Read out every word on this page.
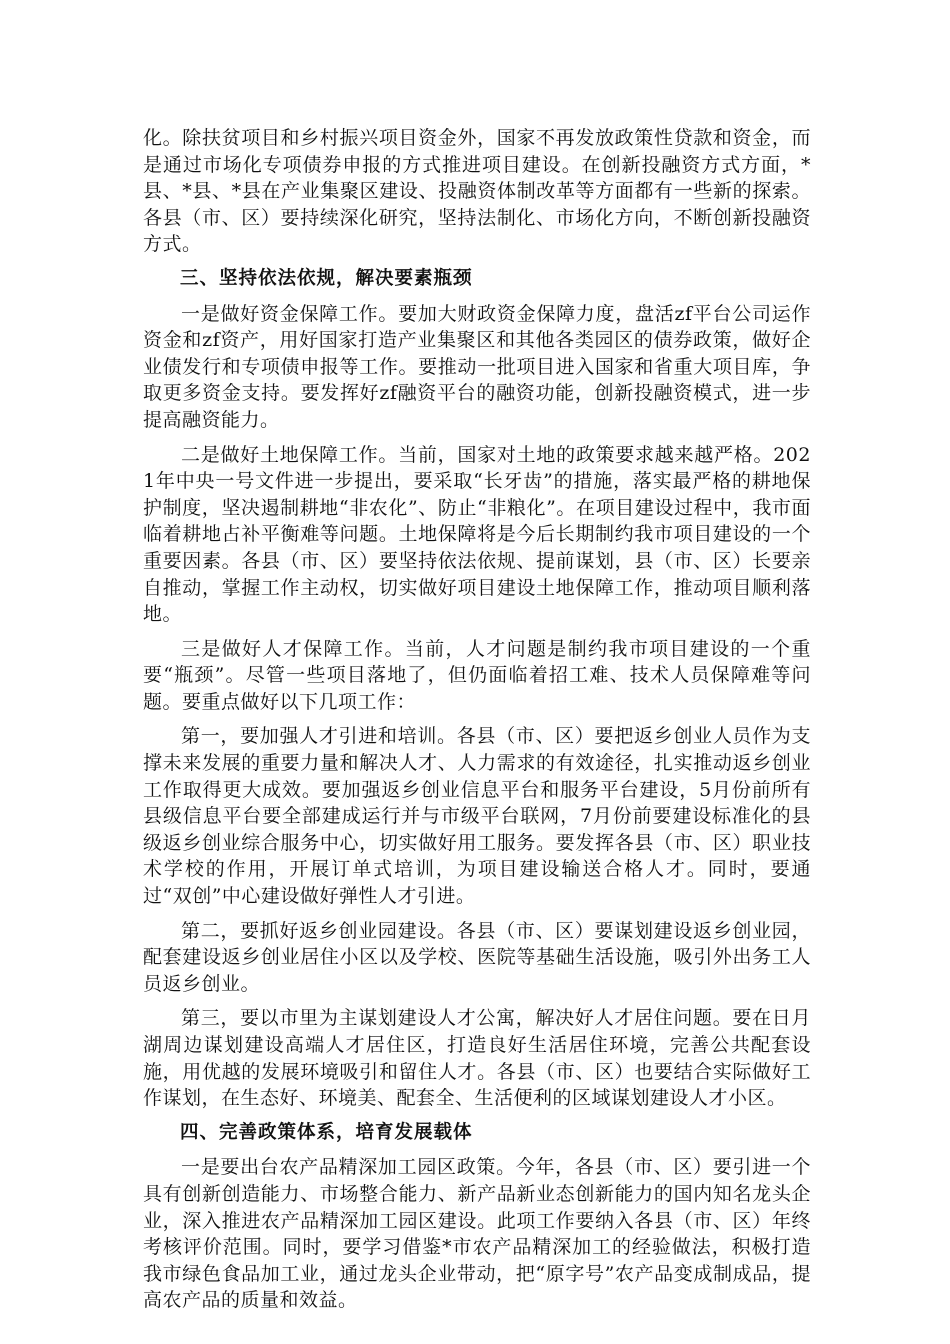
化。除扶贫项目和乡村振兴项目资金外，国家不再发放政策性贷款和资金，而是通过市场化专项债券申报的方式推进项目建设。在创新投融资方式方面，*县、*县、*县在产业集聚区建设、投融资体制改革等方面都有一些新的探索。各县（市、区）要持续深化研究，坚持法制化、市场化方向，不断创新投融资方式。

三、坚持依法依规，解决要素瓶颈

一是做好资金保障工作。要加大财政资金保障力度，盘活zf平台公司运作资金和zf资产，用好国家打造产业集聚区和其他各类园区的债券政策，做好企业债发行和专项债申报等工作。要推动一批项目进入国家和省重大项目库，争取更多资金支持。要发挥好zf融资平台的融资功能，创新投融资模式，进一步提高融资能力。

二是做好土地保障工作。当前，国家对土地的政策要求越来越严格。2021年中央一号文件进一步提出，要采取“长牙齿”的措施，落实最严格的耕地保护制度，坚决遏制耕地“非农化”、防止“非粮化”。在项目建设过程中，我市面临着耕地占补平衡难等问题。土地保障将是今后长期制约我市项目建设的一个重要因素。各县（市、区）要坚持依法依规、提前谋划，县（市、区）长要亲自推动，掌握工作主动权，切实做好项目建设土地保障工作，推动项目顺利落地。

三是做好人才保障工作。当前，人才问题是制约我市项目建设的一个重要“瓶颈”。尽管一些项目落地了，但仍面临着招工难、技术人员保障难等问题。要重点做好以下几项工作：

第一，要加强人才引进和培训。各县（市、区）要把返乡创业人员作为支撑未来发展的重要力量和解决人才、人力需求的有效途径，扎实推动返乡创业工作取得更大成效。要加强返乡创业信息平台和服务平台建设，5月份前所有县级信息平台要全部建成运行并与市级平台联网，7月份前要建设标准化的县级返乡创业综合服务中心，切实做好用工服务。要发挥各县（市、区）职业技术学校的作用，开展订单式培训，为项目建设输送合格人才。同时，要通过“双创”中心建设做好弹性人才引进。

第二，要抓好返乡创业园建设。各县（市、区）要谋划建设返乡创业园，配套建设返乡创业居住小区以及学校、医院等基础生活设施，吸引外出务工人员返乡创业。

第三，要以市里为主谋划建设人才公寓，解决好人才居住问题。要在日月湖周边谋划建设高端人才居住区，打造良好生活居住环境，完善公共配套设施，用优越的发展环境吸引和留住人才。各县（市、区）也要结合实际做好工作谋划，在生态好、环境美、配套全、生活便利的区域谋划建设人才小区。

四、完善政策体系，培育发展载体

一是要出台农产品精深加工园区政策。今年，各县（市、区）要引进一个具有创新创造能力、市场整合能力、新产品新业态创新能力的国内知名龙头企业，深入推进农产品精深加工园区建设。此项工作要纳入各县（市、区）年终考核评价范围。同时，要学习借鉴*市农产品精深加工的经验做法，积极打造我市绿色食品加工业，通过龙头企业带动，把“原字号”农产品变成制成品，提高农产品的质量和效益。
